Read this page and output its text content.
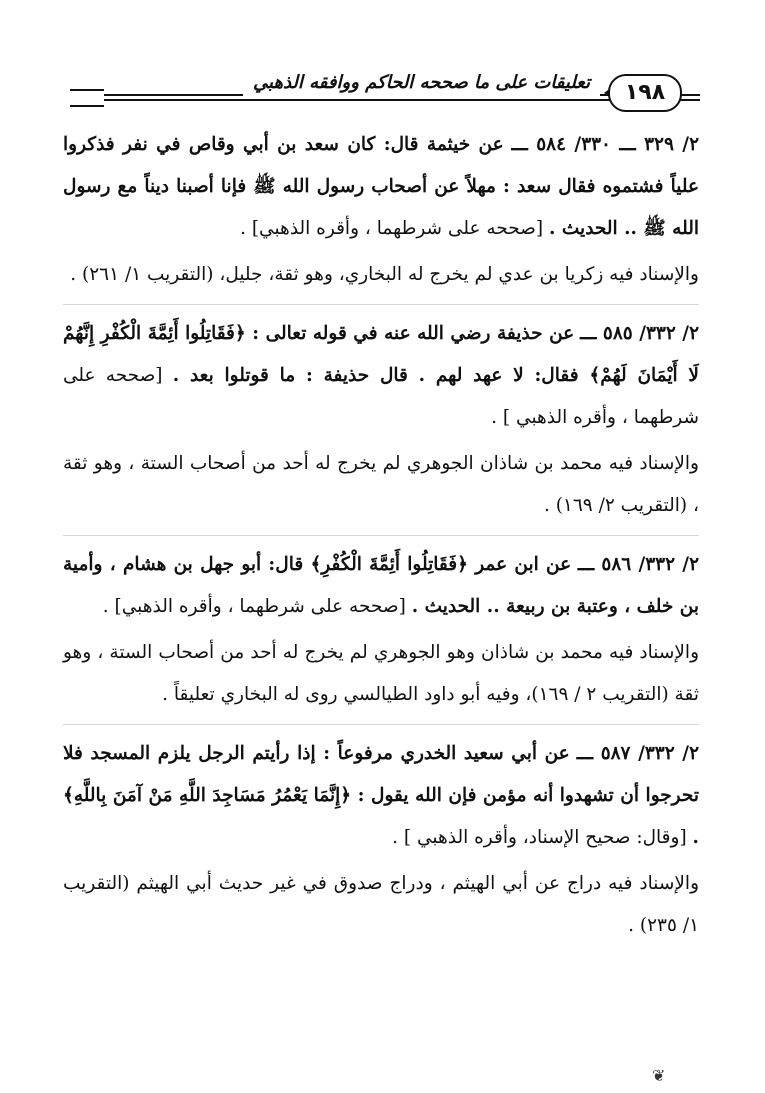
تعليقات على ما صححه الحاكم ووافقه الذهبي	١٩٨

٢/ ٣٢٩ ـــ ٣٣٠/ ٥٨٤ ـــ عن خيثمة قال: كان سعد بن أبي وقاص في نفر فذكروا علياً فشتموه فقال سعد : مهلاً عن أصحاب رسول الله ﷺ فإنا أصبنا ديناً مع رسول الله ﷺ .. الحديث . [صححه على شرطهما ، وأقره الذهبي] .

والإسناد فيه زكريا بن عدي لم يخرج له البخاري، وهو ثقة، جليل، (التقريب ١/ ٢٦١) .

٢/ ٣٣٢/ ٥٨٥ ـــ عن حذيفة رضي الله عنه في قوله تعالى : ﴿فَقَاتِلُوا أَئِمَّةَ الْكُفْرِ إِنَّهُمْ لَا أَيْمَانَ لَهُمْ﴾ فقال: لا عهد لهم . قال حذيفة : ما قوتلوا بعد . [صححه على شرطهما ، وأقره الذهبي ] .

والإسناد فيه محمد بن شاذان الجوهري لم يخرج له أحد من أصحاب الستة ، وهو ثقة ، (التقريب ٢/ ١٦٩) .

٢/ ٣٣٢/ ٥٨٦ ـــ عن ابن عمر ﴿فَقَاتِلُوا أَئِمَّةَ الْكُفْرِ﴾ قال: أبو جهل بن هشام ، وأمية بن خلف ، وعتبة بن ربيعة .. الحديث . [صححه على شرطهما ، وأقره الذهبي] .

والإسناد فيه محمد بن شاذان وهو الجوهري لم يخرج له أحد من أصحاب الستة ، وهو ثقة (التقريب ٢ / ١٦٩)، وفيه أبو داود الطيالسي روى له البخاري تعليقاً .

٢/ ٣٣٢/ ٥٨٧ ـــ عن أبي سعيد الخدري مرفوعاً : إذا رأيتم الرجل يلزم المسجد فلا تحرجوا أن تشهدوا أنه مؤمن فإن الله يقول : ﴿إِنَّمَا يَعْمُرُ مَسَاجِدَ اللَّهِ مَنْ آمَنَ بِاللَّهِ﴾ . [وقال: صحيح الإسناد، وأقره الذهبي ] .

والإسناد فيه دراج عن أبي الهيثم ، ودراج صدوق في غير حديث أبي الهيثم (التقريب ١/ ٢٣٥) .

❦
